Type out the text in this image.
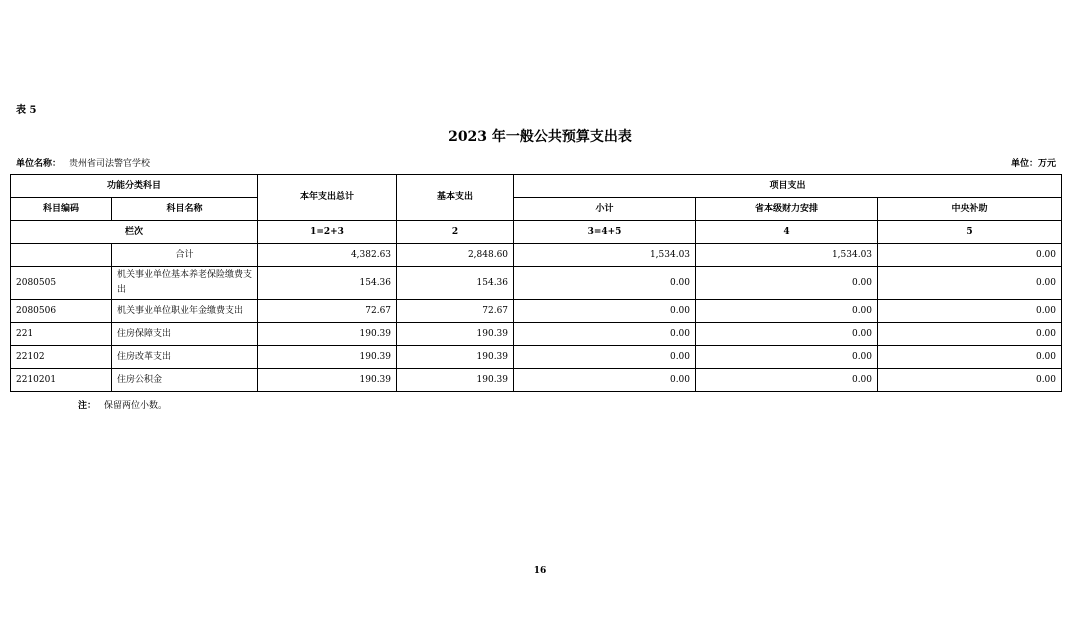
表 5
2023 年一般公共预算支出表
单位名称： 贵州省司法警官学校	单位：万元
功能分类科目		本年支出总计	基本支出	项目支出		
科目编码	科目名称			小计	省本级财力安排	中央补助
栏次		1=2+3	2	3=4+5	4	5
	合计	4,382.63	2,848.60	1,534.03	1,534.03	0.00
2080505	机关事业单位基本养老保险缴费支出	154.36	154.36	0.00	0.00	0.00
2080506	机关事业单位职业年金缴费支出	72.67	72.67	0.00	0.00	0.00
221	住房保障支出	190.39	190.39	0.00	0.00	0.00
22102	住房改革支出	190.39	190.39	0.00	0.00	0.00
2210201	住房公积金	190.39	190.39	0.00	0.00	0.00
注： 保留两位小数。
16
